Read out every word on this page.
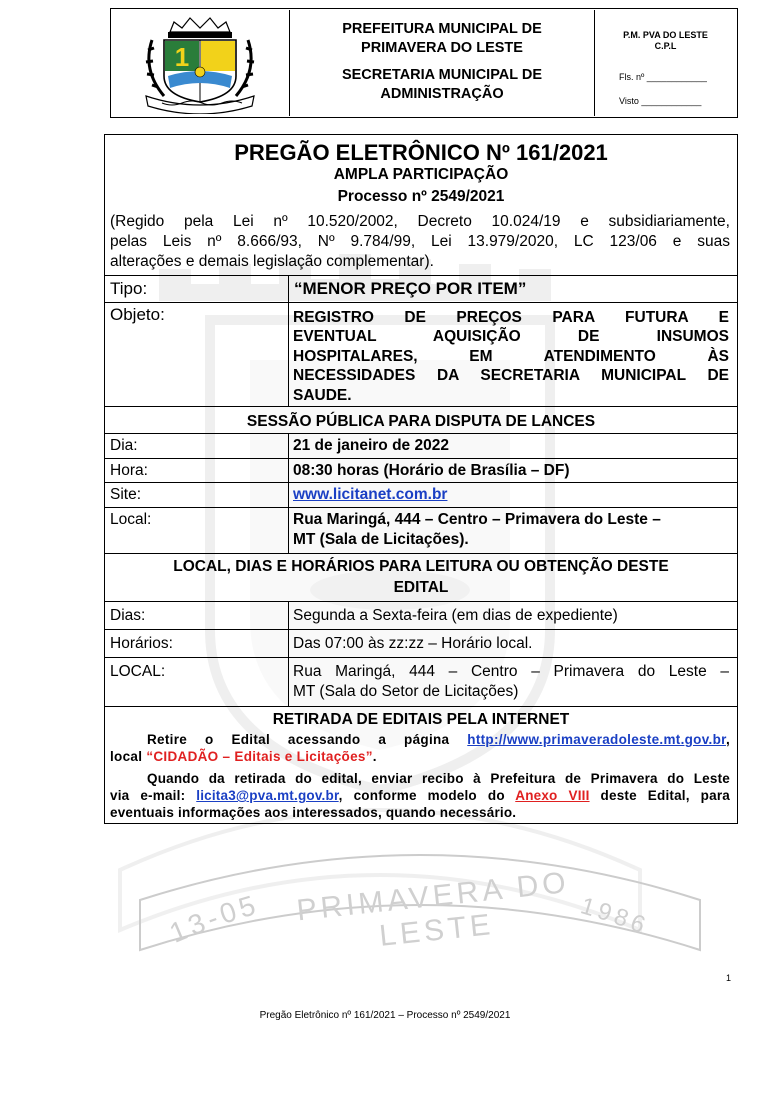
1
PREFEITURA MUNICIPAL DE
PRIMAVERA DO LESTE
SECRETARIA MUNICIPAL DE
ADMINISTRAÇÃO
P.M. PVA DO LESTE
C.P.L
Fls. nº ____________
Visto ____________
PREGÃO ELETRÔNICO Nº 161/2021
AMPLA PARTICIPAÇÃO
Processo nº 2549/2021
(Regido pela Lei nº 10.520/2002, Decreto 10.024/19 e subsidiariamente,
pelas Leis nº 8.666/93, Nº 9.784/99, Lei 13.979/2020, LC 123/06 e suas
alterações e demais legislação complementar).
Tipo:	“MENOR PREÇO POR ITEM”
Objeto:	REGISTRO DE PREÇOS PARA FUTURA E
EVENTUAL AQUISIÇÃO DE INSUMOS
HOSPITALARES, EM ATENDIMENTO ÀS
NECESSIDADES DA SECRETARIA MUNICIPAL DE
SAUDE.
SESSÃO PÚBLICA PARA DISPUTA DE LANCES
Dia:	21 de janeiro de 2022
Hora:	08:30 horas (Horário de Brasília – DF)
Site:	www.licitanet.com.br
Local:	Rua Maringá, 444 – Centro – Primavera do Leste –
MT (Sala de Licitações).
LOCAL, DIAS E HORÁRIOS PARA LEITURA OU OBTENÇÃO DESTE
EDITAL
Dias:	Segunda a Sexta-feira (em dias de expediente)
Horários:	Das 07:00 às zz:zz – Horário local.
LOCAL:	Rua Maringá, 444 – Centro – Primavera do Leste –
MT (Sala do Setor de Licitações)
RETIRADA DE EDITAIS PELA INTERNET
Retire o Edital acessando a página http://www.primaveradoleste.mt.gov.br,
local “CIDADÃO – Editais e Licitações”.
Quando da retirada do edital, enviar recibo à Prefeitura de Primavera do Leste
via e-mail: licita3@pva.mt.gov.br, conforme modelo do Anexo VIII deste Edital, para
eventuais informações aos interessados, quando necessário.
13-05	1986
PRIMAVERA DO LESTE
1
Pregão Eletrônico nº 161/2021 – Processo nº 2549/2021
